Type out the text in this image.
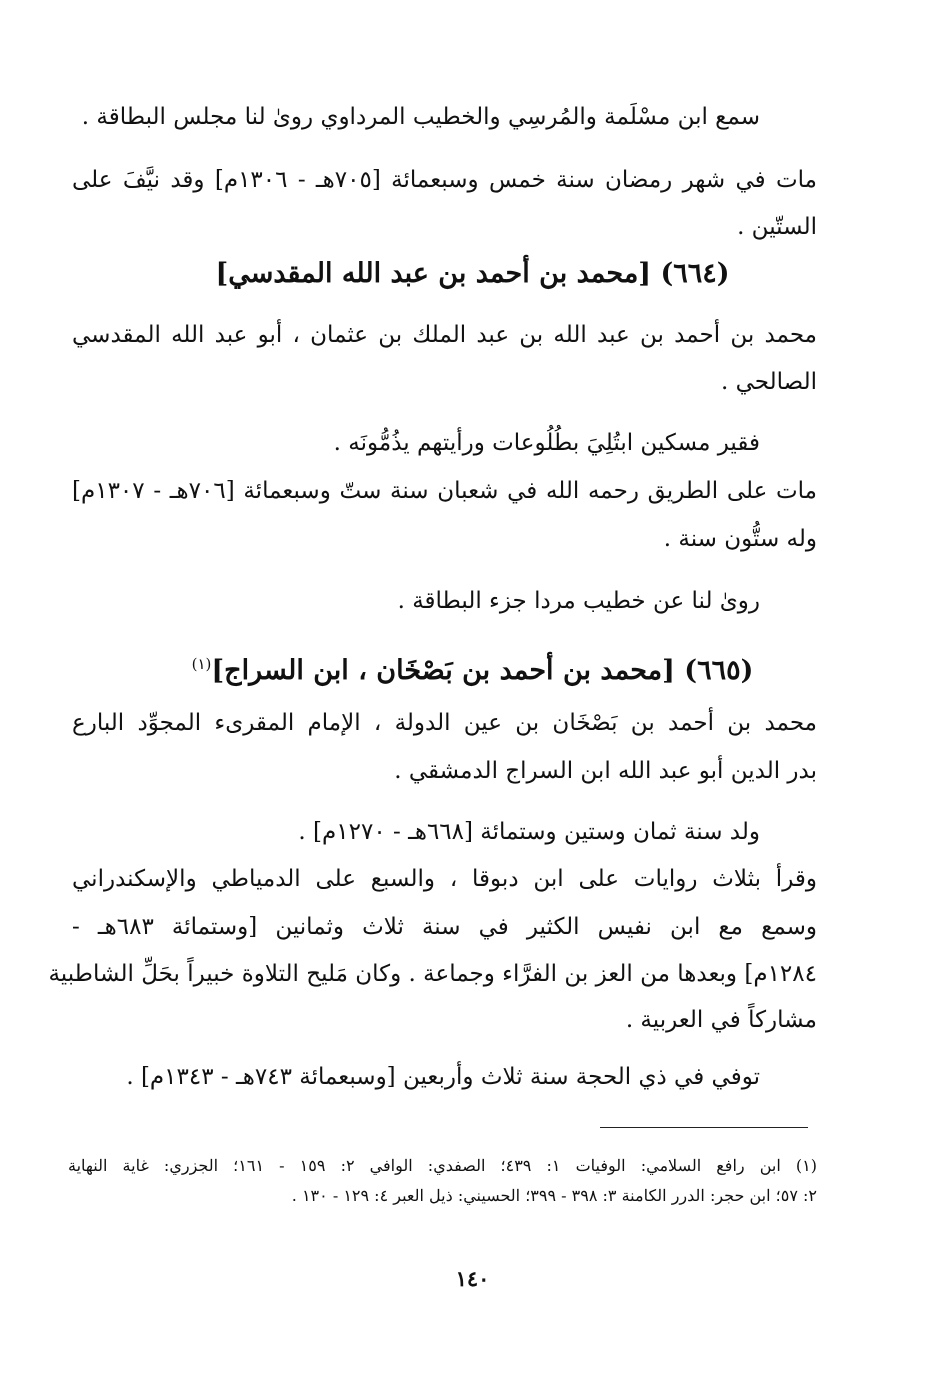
سمع ابن مسْلَمة والمُرسِي والخطيب المرداوي روىٰ لنا مجلس البطاقة .

مات في شهر رمضان سنة خمس وسبعمائة [٧٠٥هـ - ١٣٠٦م] وقد نيَّفَ على

الستّين .

(٦٦٤) [محمد بن أحمد بن عبد الله المقدسي]

محمد بن أحمد بن عبد الله بن عبد الملك بن عثمان ، أبو عبد الله المقدسي

الصالحي .

فقير مسكين ابتُلِيَ بطُلُوعات ورأيتهم يذُمُّونَه .

مات على الطريق رحمه الله في شعبان سنة ستّ وسبعمائة [٧٠٦هـ - ١٣٠٧م]

وله ستُّون سنة .

روىٰ لنا عن خطيب مردا جزء البطاقة .

(٦٦٥) [محمد بن أحمد بن بَصْخَان ، ابن السراج]$^{(١)}$

محمد بن أحمد بن بَصْخَان بن عين الدولة ، الإمام المقرىء المجوِّد البارع

بدر الدين أبو عبد الله ابن السراج الدمشقي .

ولد سنة ثمان وستين وستمائة [٦٦٨هـ - ١٢٧٠م] .

وقرأ بثلاث روايات على ابن دبوقا ، والسبع على الدمياطي والإسكندراني

وسمع مع ابن نفيس الكثير في سنة ثلاث وثمانين [وستمائة ٦٨٣هـ -

١٢٨٤م] وبعدها من العز بن الفرَّاء وجماعة . وكان مَليح التلاوة خبيراً بحَلِّ الشاطبية

مشاركاً في العربية .

توفي في ذي الحجة سنة ثلاث وأربعين [وسبعمائة ٧٤٣هـ - ١٣٤٣م] .

(١) ابن رافع السلامي: الوفيات ١: ٤٣٩؛ الصفدي: الوافي ٢: ١٥٩ - ١٦١؛ الجزري: غاية النهاية
٢: ٥٧؛ ابن حجر: الدرر الكامنة ٣: ٣٩٨ - ٣٩٩؛ الحسيني: ذيل العبر ٤: ١٢٩ - ١٣٠ .
١٤٠
